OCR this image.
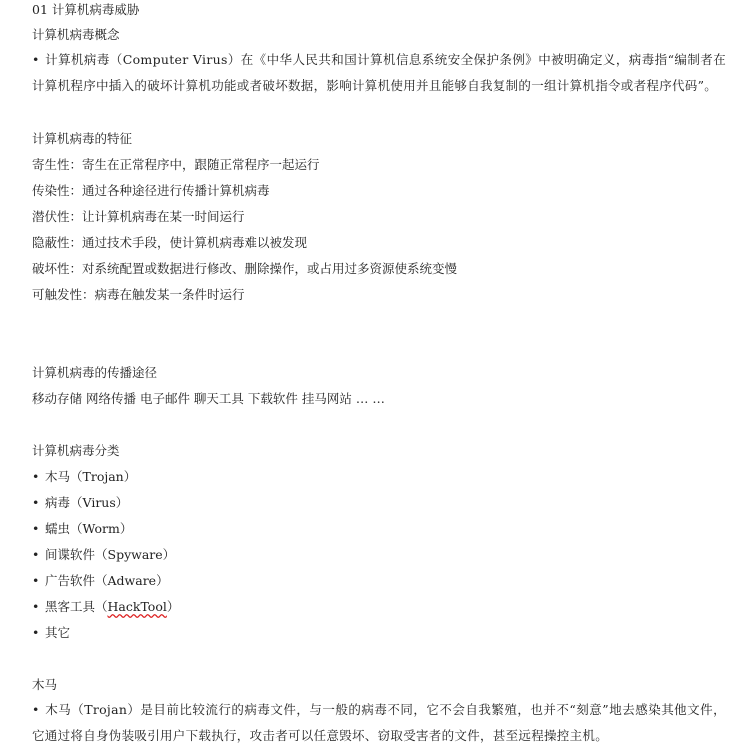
01 计算机病毒威胁
计算机病毒概念
• 计算机病毒（Computer Virus）在《中华人民共和国计算机信息系统安全保护条例》中被明确定义，病毒指“编制者在计算机程序中插入的破坏计算机功能或者破坏数据，影响计算机使用并且能够自我复制的一组计算机指令或者程序代码”。
计算机病毒的特征
寄生性：寄生在正常程序中，跟随正常程序一起运行
传染性：通过各种途径进行传播计算机病毒
潜伏性：让计算机病毒在某一时间运行
隐蔽性：通过技术手段，使计算机病毒难以被发现
破坏性：对系统配置或数据进行修改、删除操作，或占用过多资源使系统变慢
可触发性：病毒在触发某一条件时运行
计算机病毒的传播途径
移动存储 网络传播 电子邮件 聊天工具 下载软件 挂马网站 … …
计算机病毒分类
• 木马（Trojan）
• 病毒（Virus）
• 蠕虫（Worm）
• 间谍软件（Spyware）
• 广告软件（Adware）
• 黑客工具（HackTool）
• 其它
木马
• 木马（Trojan）是目前比较流行的病毒文件，与一般的病毒不同，它不会自我繁殖，也并不“刻意”地去感染其他文件，它通过将自身伪装吸引用户下载执行，攻击者可以任意毁坏、窃取受害者的文件，甚至远程操控主机。
